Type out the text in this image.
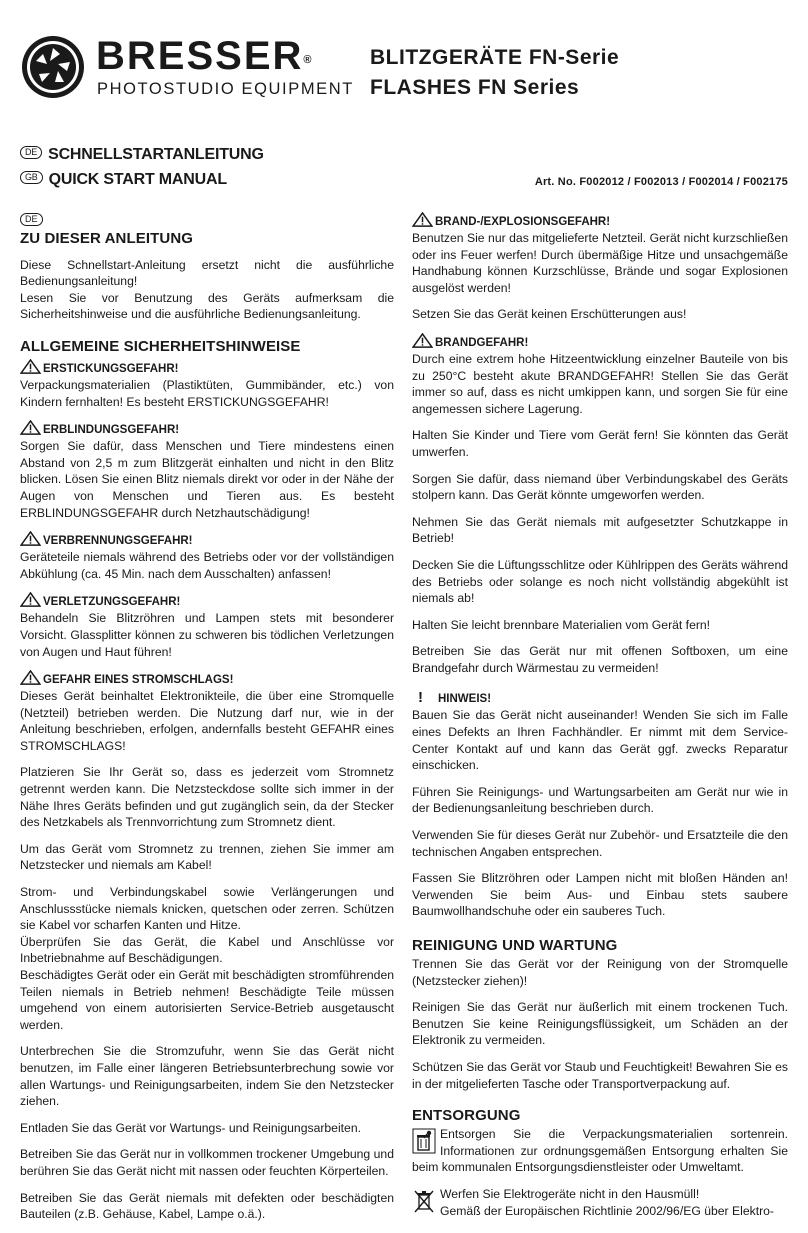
BRESSER®
PHOTOSTUDIO EQUIPMENT
BLITZGERÄTE FN-Serie
FLASHES FN Series
DE SCHNELLSTARTANLEITUNG
GB QUICK START MANUAL	Art. No. F002012 / F002013 / F002014 / F002175
DE
ZU DIESER ANLEITUNG

Diese Schnellstart-Anleitung ersetzt nicht die ausführliche Bedienungsanleitung!

Lesen Sie vor Benutzung des Geräts aufmerksam die Sicherheitshinweise und die ausführliche Bedienungsanleitung.

ALLGEMEINE SICHERHEITSHINWEISE
ERSTICKUNGSGEFAHR!
Verpackungsmaterialien (Plastiktüten, Gummibänder, etc.) von Kindern fernhalten! Es besteht ERSTICKUNGSGEFAHR!
ERBLINDUNGSGEFAHR!
Sorgen Sie dafür, dass Menschen und Tiere mindestens einen Abstand von 2,5 m zum Blitzgerät einhalten und nicht in den Blitz blicken. Lösen Sie einen Blitz niemals direkt vor oder in der Nähe der Augen von Menschen und Tieren aus. Es besteht ERBLINDUNGSGEFAHR durch Netzhautschädigung!
VERBRENNUNGSGEFAHR!
Geräteteile niemals während des Betriebs oder vor der vollständigen Abkühlung (ca. 45 Min. nach dem Ausschalten) anfassen!
VERLETZUNGSGEFAHR!
Behandeln Sie Blitzröhren und Lampen stets mit besonderer Vorsicht. Glassplitter können zu schweren bis tödlichen Verletzungen von Augen und Haut führen!
GEFAHR EINES STROMSCHLAGS!
Dieses Gerät beinhaltet Elektronikteile, die über eine Stromquelle (Netzteil) betrieben werden. Die Nutzung darf nur, wie in der Anleitung beschrieben, erfolgen, andernfalls besteht GEFAHR eines STROMSCHLAGS!

Platzieren Sie Ihr Gerät so, dass es jederzeit vom Stromnetz getrennt werden kann. Die Netzsteckdose sollte sich immer in der Nähe Ihres Geräts befinden und gut zugänglich sein, da der Stecker des Netzkabels als Trennvorrichtung zum Stromnetz dient.

Um das Gerät vom Stromnetz zu trennen, ziehen Sie immer am Netzstecker und niemals am Kabel!

Strom- und Verbindungskabel sowie Verlängerungen und Anschlussstücke niemals knicken, quetschen oder zerren. Schützen sie Kabel vor scharfen Kanten und Hitze.

Überprüfen Sie das Gerät, die Kabel und Anschlüsse vor Inbetriebnahme auf Beschädigungen.

Beschädigtes Gerät oder ein Gerät mit beschädigten stromführenden Teilen niemals in Betrieb nehmen! Beschädigte Teile müssen umgehend von einem autorisierten Service-Betrieb ausgetauscht werden.

Unterbrechen Sie die Stromzufuhr, wenn Sie das Gerät nicht benutzen, im Falle einer längeren Betriebsunterbrechung sowie vor allen Wartungs- und Reinigungsarbeiten, indem Sie den Netzstecker ziehen.

Entladen Sie das Gerät vor Wartungs- und Reinigungsarbeiten.

Betreiben Sie das Gerät nur in vollkommen trockener Umgebung und berühren Sie das Gerät nicht mit nassen oder feuchten Körperteilen.

Betreiben Sie das Gerät niemals mit defekten oder beschädigten Bauteilen (z.B. Gehäuse, Kabel, Lampe o.ä.).

BRAND-/EXPLOSIONSGEFAHR!
Benutzen Sie nur das mitgelieferte Netzteil. Gerät nicht kurzschließen oder ins Feuer werfen! Durch übermäßige Hitze und unsachgemäße Handhabung können Kurzschlüsse, Brände und sogar Explosionen ausgelöst werden!

Setzen Sie das Gerät keinen Erschütterungen aus!

BRANDGEFAHR!
Durch eine extrem hohe Hitzeentwicklung einzelner Bauteile von bis zu 250°C besteht akute BRANDGEFAHR! Stellen Sie das Gerät immer so auf, dass es nicht umkippen kann, und sorgen Sie für eine angemessen sichere Lagerung.

Halten Sie Kinder und Tiere vom Gerät fern! Sie könnten das Gerät umwerfen.

Sorgen Sie dafür, dass niemand über Verbindungskabel des Geräts stolpern kann. Das Gerät könnte umgeworfen werden.

Nehmen Sie das Gerät niemals mit aufgesetzter Schutzkappe in Betrieb!

Decken Sie die Lüftungsschlitze oder Kühlrippen des Geräts während des Betriebs oder solange es noch nicht vollständig abgekühlt ist niemals ab!

Halten Sie leicht brennbare Materialien vom Gerät fern!

Betreiben Sie das Gerät nur mit offenen Softboxen, um eine Brandgefahr durch Wärmestau zu vermeiden!

! HINWEIS!
Bauen Sie das Gerät nicht auseinander! Wenden Sie sich im Falle eines Defekts an Ihren Fachhändler. Er nimmt mit dem Service-Center Kontakt auf und kann das Gerät ggf. zwecks Reparatur einschicken.

Führen Sie Reinigungs- und Wartungsarbeiten am Gerät nur wie in der Bedienungsanleitung beschrieben durch.

Verwenden Sie für dieses Gerät nur Zubehör- und Ersatzteile die den technischen Angaben entsprechen.

Fassen Sie Blitzröhren oder Lampen nicht mit bloßen Händen an! Verwenden Sie beim Aus- und Einbau stets saubere Baumwollhandschuhe oder ein sauberes Tuch.

REINIGUNG UND WARTUNG

Trennen Sie das Gerät vor der Reinigung von der Stromquelle (Netzstecker ziehen)!

Reinigen Sie das Gerät nur äußerlich mit einem trockenen Tuch. Benutzen Sie keine Reinigungsflüssigkeit, um Schäden an der Elektronik zu vermeiden.

Schützen Sie das Gerät vor Staub und Feuchtigkeit! Bewahren Sie es in der mitgelieferten Tasche oder Transportverpackung auf.

ENTSORGUNG
Entsorgen Sie die Verpackungsmaterialien sortenrein. Informationen zur ordnungsgemäßen Entsorgung erhalten Sie beim kommunalen Entsorgungsdienstleister oder Umweltamt.
Werfen Sie Elektrogeräte nicht in den Hausmüll!
Gemäß der Europäischen Richtlinie 2002/96/EG über Elektro-
